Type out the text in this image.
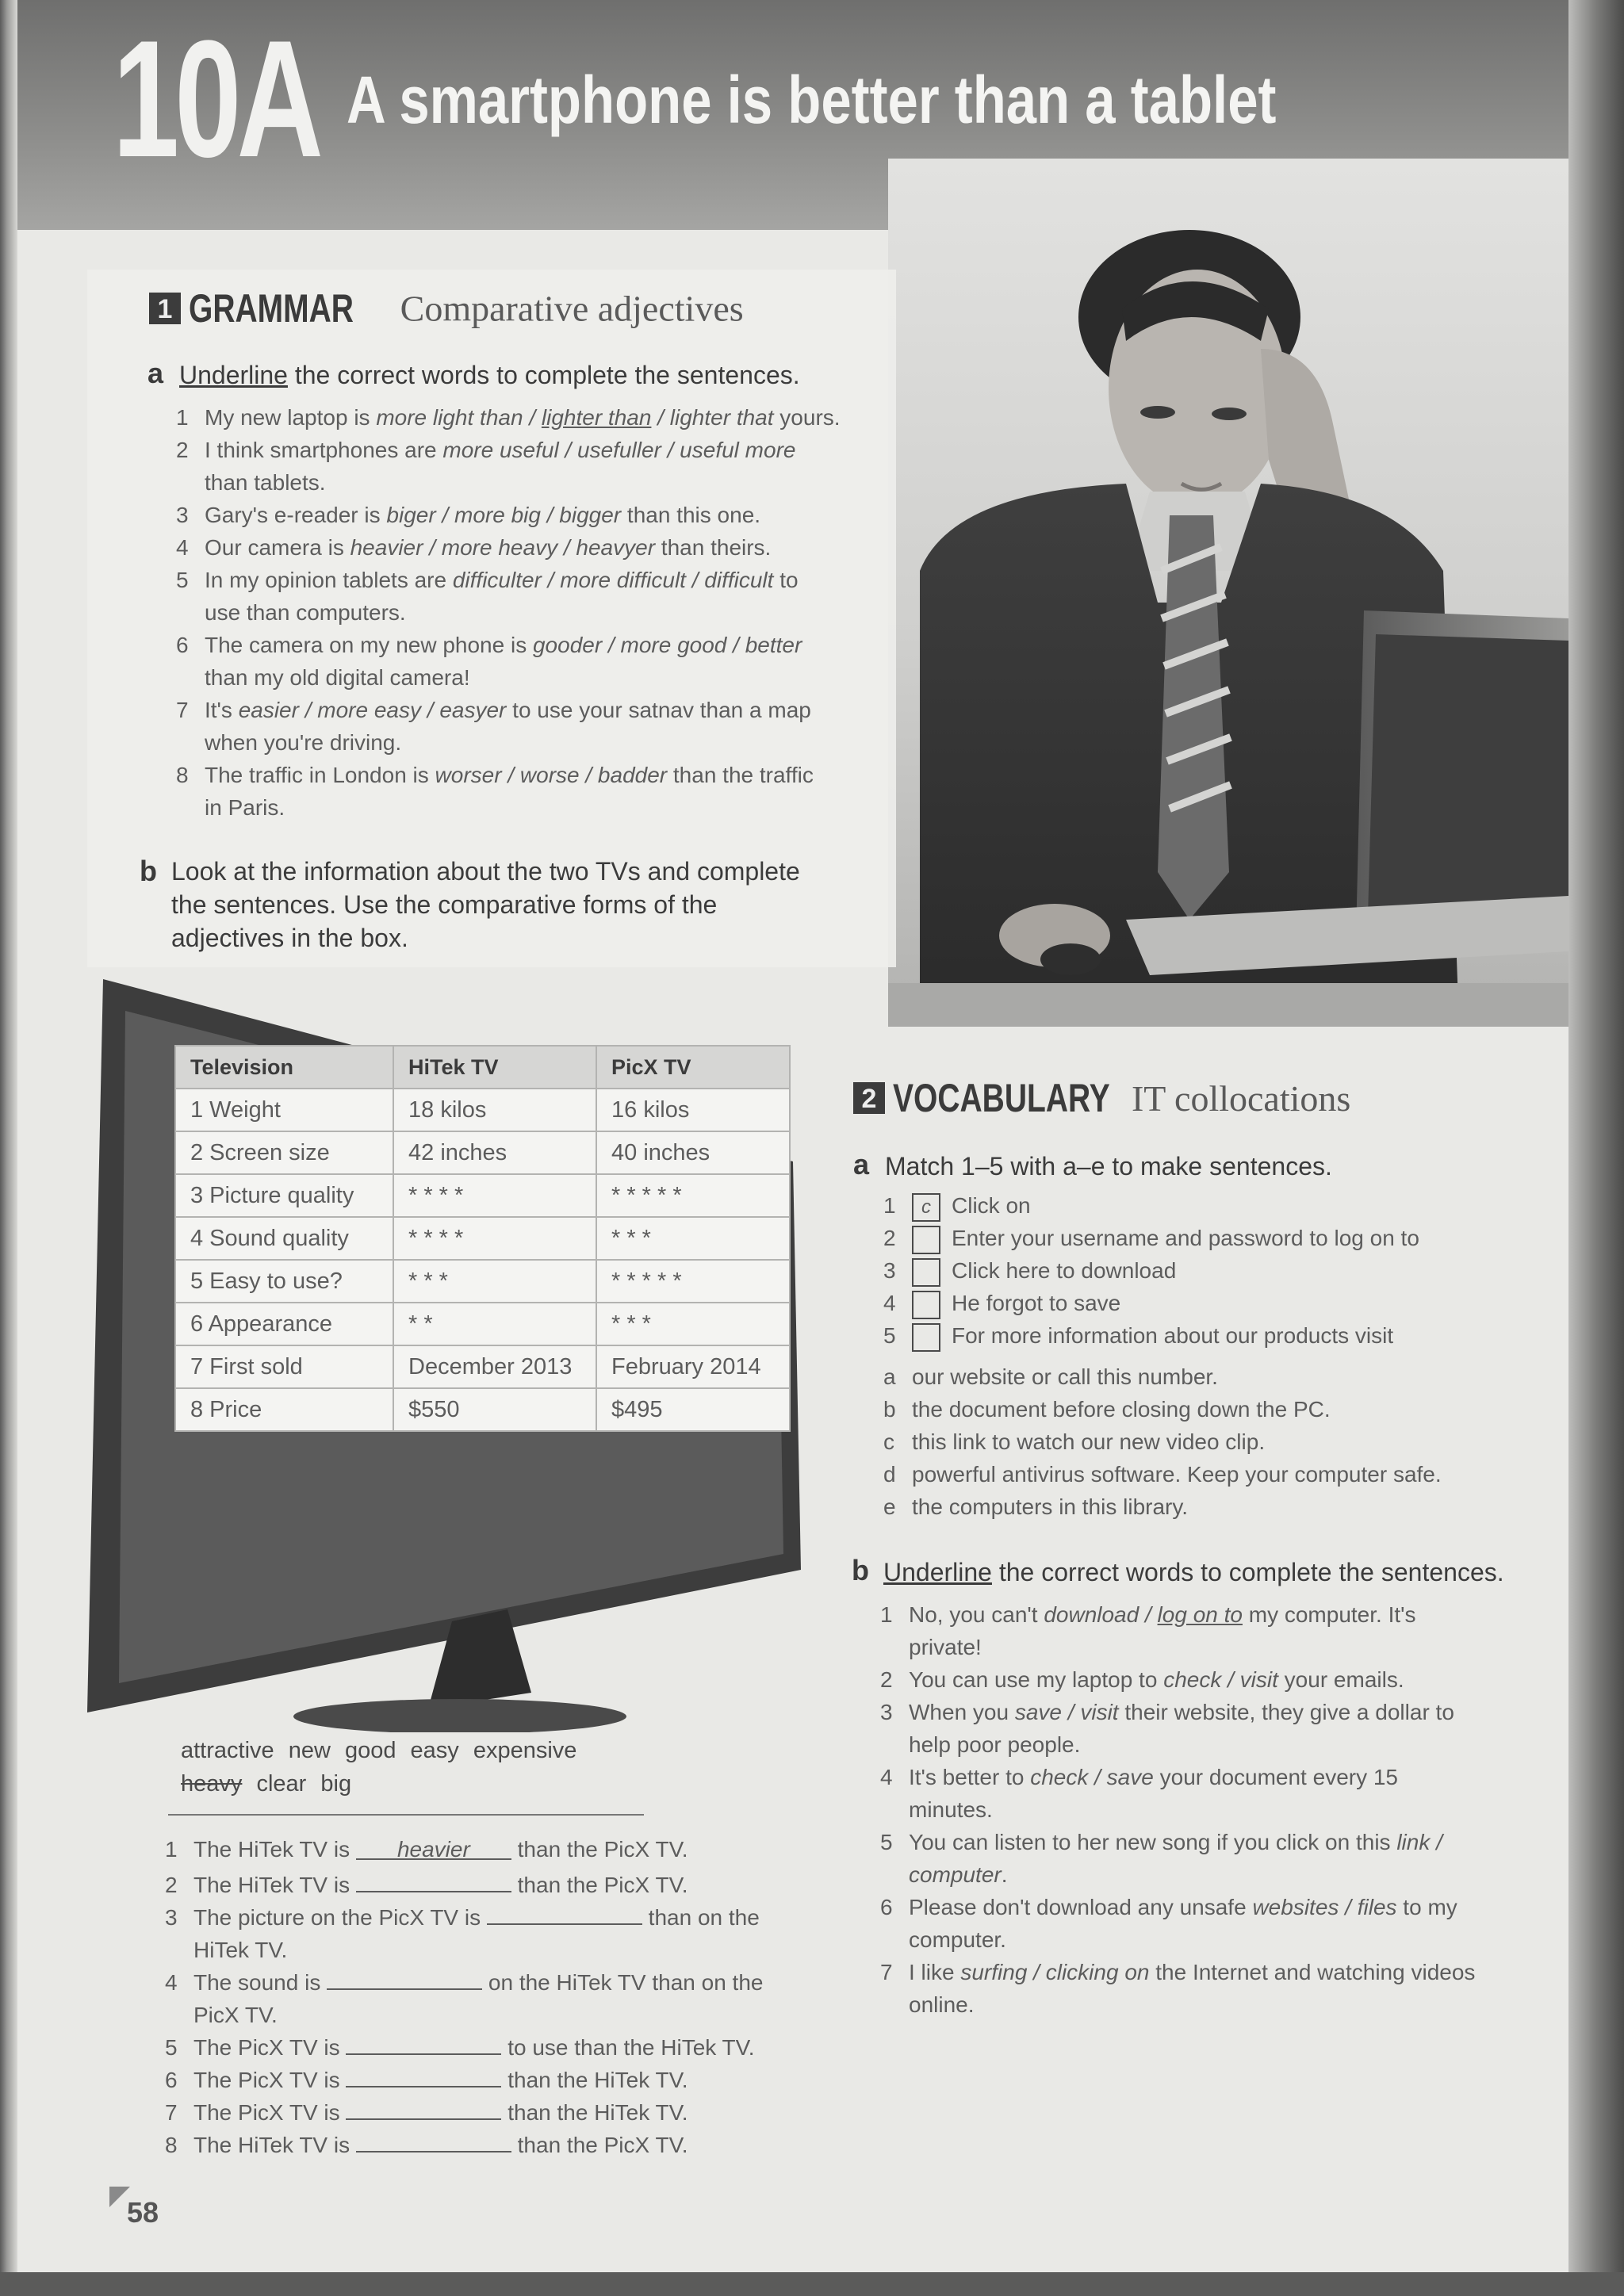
10A A smartphone is better than a tablet
1 GRAMMAR Comparative adjectives
a Underline the correct words to complete the sentences.
1 My new laptop is more light than / lighter than / lighter that yours.
2 I think smartphones are more useful / usefuller / useful more
than tablets.
3 Gary's e-reader is biger / more big / bigger than this one.
4 Our camera is heavier / more heavy / heavyer than theirs.
5 In my opinion tablets are difficulter / more difficult / difficult to
use than computers.
6 The camera on my new phone is gooder / more good / better
than my old digital camera!
7 It's easier / more easy / easyer to use your satnav than a map
when you're driving.
8 The traffic in London is worser / worse / badder than the traffic
in Paris.
b Look at the information about the two TVs and complete
the sentences. Use the comparative forms of the
adjectives in the box.
Television	HiTek TV	PicX TV
1 Weight	18 kilos	16 kilos
2 Screen size	42 inches	40 inches
3 Picture quality	* * * *	* * * * *
4 Sound quality	* * * *	* * *
5 Easy to use?	* * *	* * * * *
6 Appearance	* *	* * *
7 First sold	December 2013	February 2014
8 Price	$550	$495
attractive new good easy expensive
heavy clear big
1 The HiTek TV is heavier than the PicX TV.
2 The HiTek TV is	than the PicX TV.
3 The picture on the PicX TV is	than on the
HiTek TV.
4 The sound is	on the HiTek TV than on the
PicX TV.
5 The PicX TV is	to use than the HiTek TV.
6 The PicX TV is	than the HiTek TV.
7 The PicX TV is	than the HiTek TV.
8 The HiTek TV is	than the PicX TV.
2 VOCABULARY IT collocations
a Match 1–5 with a–e to make sentences.
1 c Click on
2	Enter your username and password to log on to
3	Click here to download
4	He forgot to save
5	For more information about our products visit
a our website or call this number.
b the document before closing down the PC.
c this link to watch our new video clip.
d powerful antivirus software. Keep your computer safe.
e the computers in this library.
b Underline the correct words to complete the sentences.
1 No, you can't download / log on to my computer. It's
private!
2 You can use my laptop to check / visit your emails.
3 When you save / visit their website, they give a dollar to
help poor people.
4 It's better to check / save your document every 15
minutes.
5 You can listen to her new song if you click on this link /
computer.
6 Please don't download any unsafe websites / files to my
computer.
7 I like surfing / clicking on the Internet and watching videos
online.
58
